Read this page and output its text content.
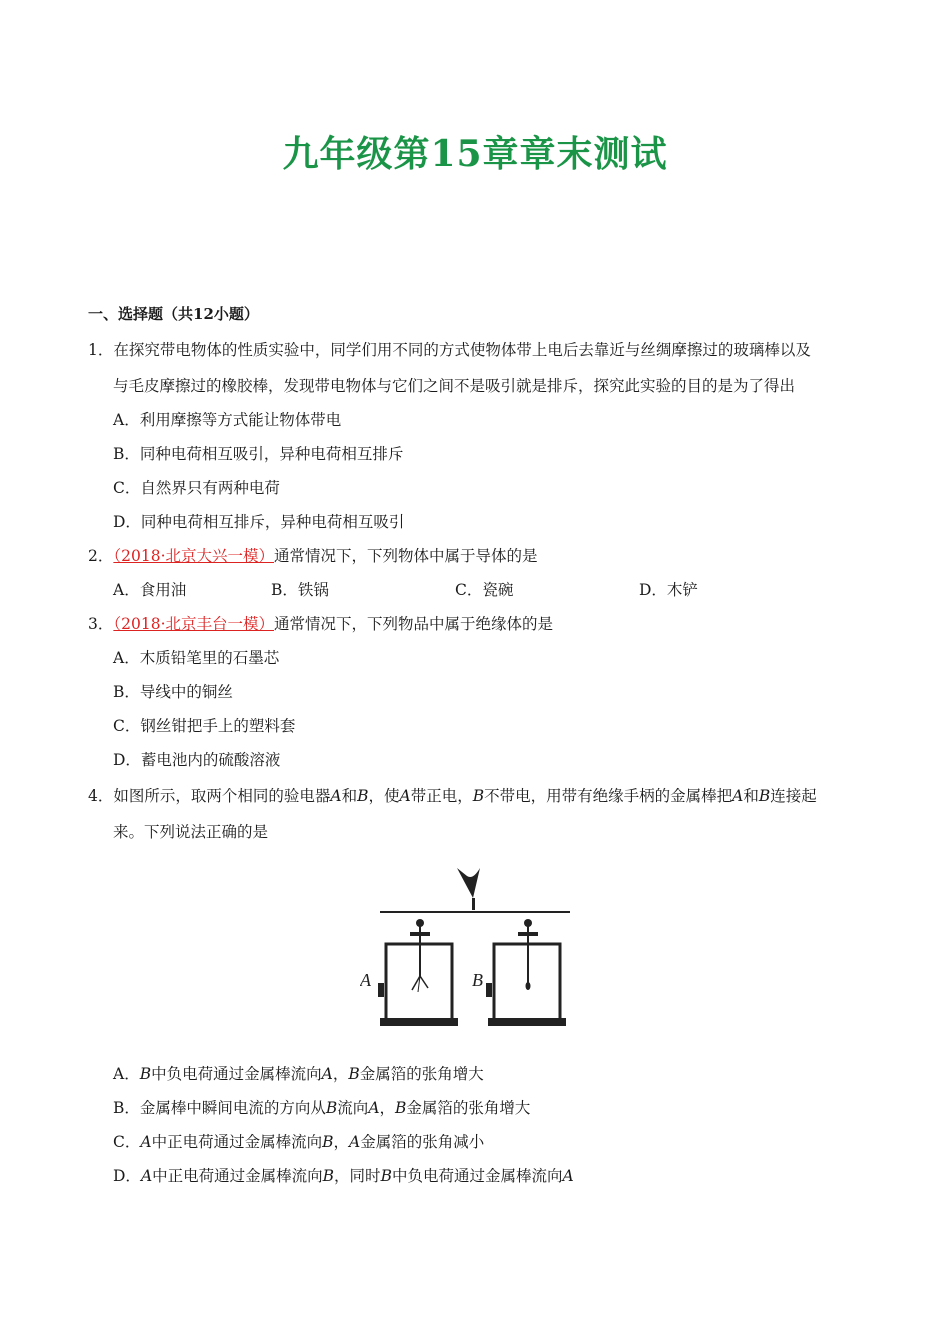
九年级第15章章末测试
一、选择题（共12小题）
1．在探究带电物体的性质实验中，同学们用不同的方式使物体带上电后去靠近与丝绸摩擦过的玻璃棒以及
与毛皮摩擦过的橡胶棒，发现带电物体与它们之间不是吸引就是排斥，探究此实验的目的是为了得出
A．利用摩擦等方式能让物体带电
B．同种电荷相互吸引，异种电荷相互排斥
C．自然界只有两种电荷
D．同种电荷相互排斥，异种电荷相互吸引
2．（2018·北京大兴一模）通常情况下，下列物体中属于导体的是
A．食用油	B．铁锅	C．瓷碗	D．木铲
3．（2018·北京丰台一模）通常情况下，下列物品中属于绝缘体的是
A．木质铅笔里的石墨芯
B．导线中的铜丝
C．钢丝钳把手上的塑料套
D．蓄电池内的硫酸溶液
4．如图所示，取两个相同的验电器A和B，使A带正电，B不带电，用带有绝缘手柄的金属棒把A和B连接起
来。下列说法正确的是
A	B
A．B中负电荷通过金属棒流向A，B金属箔的张角增大
B．金属棒中瞬间电流的方向从B流向A，B金属箔的张角增大
C．A中正电荷通过金属棒流向B，A金属箔的张角减小
D．A中正电荷通过金属棒流向B，同时B中负电荷通过金属棒流向A
